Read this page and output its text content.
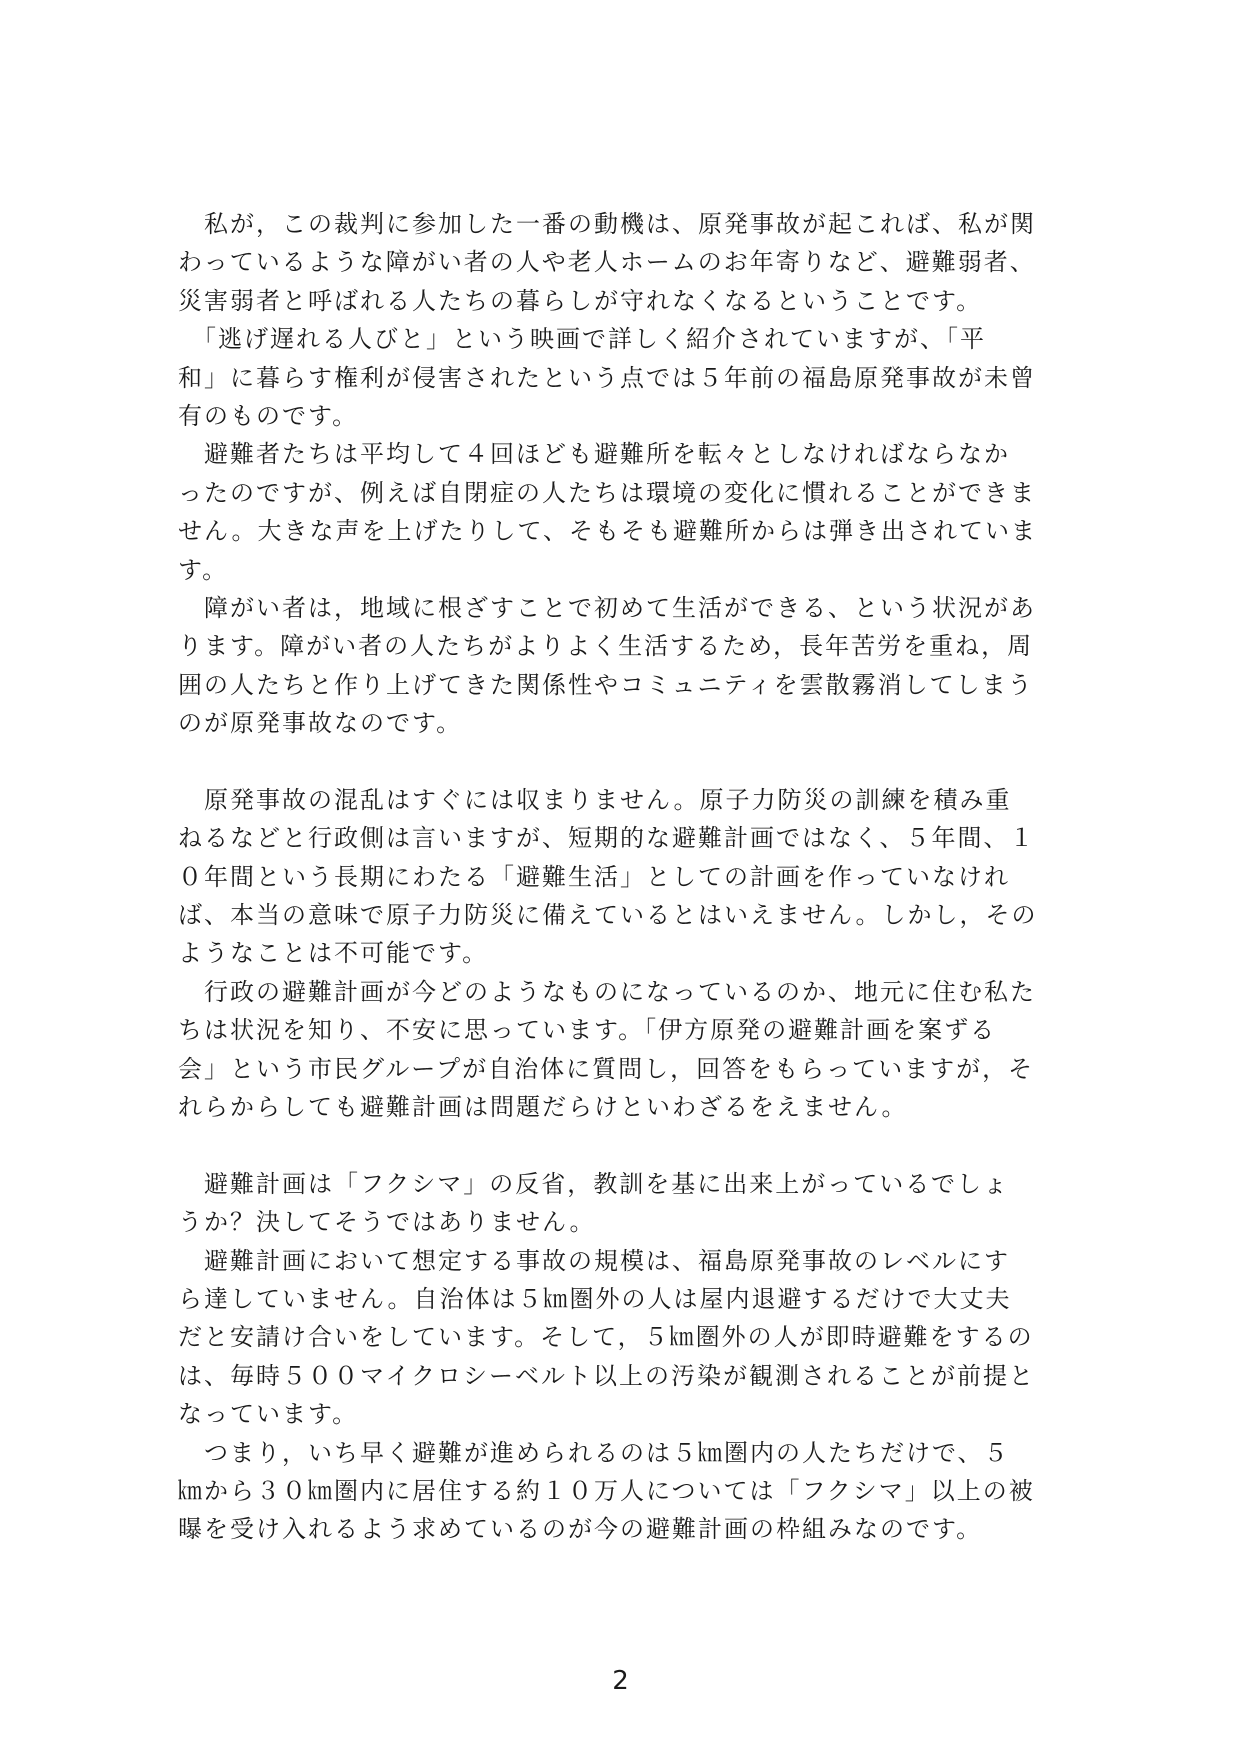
　私が，この裁判に参加した一番の動機は、原発事故が起これば、私が関
わっているような障がい者の人や老人ホームのお年寄りなど、避難弱者、
災害弱者と呼ばれる人たちの暮らしが守れなくなるということです。
　「逃げ遅れる人びと」という映画で詳しく紹介されていますが、「平
和」に暮らす権利が侵害されたという点では５年前の福島原発事故が未曾
有のものです。
　避難者たちは平均して４回ほども避難所を転々としなければならなか
ったのですが、例えば自閉症の人たちは環境の変化に慣れることができま
せん。大きな声を上げたりして、そもそも避難所からは弾き出されていま
す。
　障がい者は，地域に根ざすことで初めて生活ができる、という状況があ
ります。障がい者の人たちがよりよく生活するため，長年苦労を重ね，周
囲の人たちと作り上げてきた関係性やコミュニティを雲散霧消してしまう
のが原発事故なのです。
　原発事故の混乱はすぐには収まりません。原子力防災の訓練を積み重
ねるなどと行政側は言いますが、短期的な避難計画ではなく、５年間、１
０年間という長期にわたる「避難生活」としての計画を作っていなけれ
ば、本当の意味で原子力防災に備えているとはいえません。しかし，その
ようなことは不可能です。
　行政の避難計画が今どのようなものになっているのか、地元に住む私た
ちは状況を知り、不安に思っています。「伊方原発の避難計画を案ずる
会」という市民グループが自治体に質問し，回答をもらっていますが，そ
れらからしても避難計画は問題だらけといわざるをえません。
　避難計画は「フクシマ」の反省，教訓を基に出来上がっているでしょ
うか？決してそうではありません。
　避難計画において想定する事故の規模は、福島原発事故のレベルにす
ら達していません。自治体は５㎞圏外の人は屋内退避するだけで大丈夫
だと安請け合いをしています。そして，５㎞圏外の人が即時避難をするの
は、毎時５００マイクロシーベルト以上の汚染が観測されることが前提と
なっています。
　つまり，いち早く避難が進められるのは５㎞圏内の人たちだけで、５
㎞から３０㎞圏内に居住する約１０万人については「フクシマ」以上の被
曝を受け入れるよう求めているのが今の避難計画の枠組みなのです。
2
